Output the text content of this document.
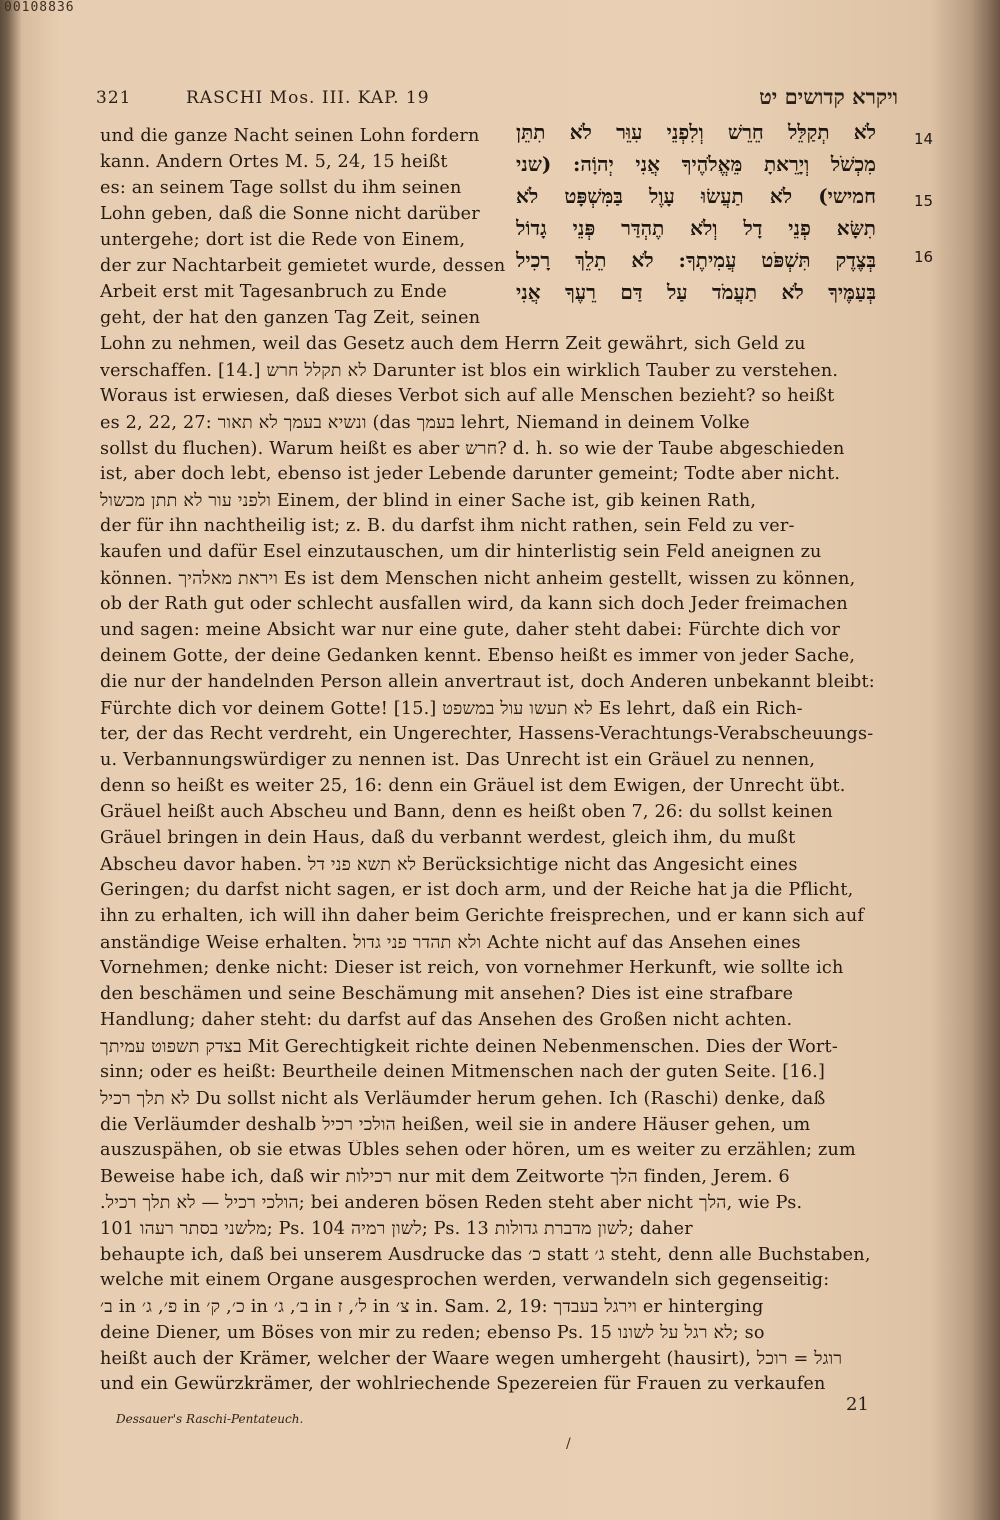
00108836
321	RASCHI Mos. III. KAP. 19	ויקרא קדושים יט
לֹא תְקַלֵּל חֵרֵשׁ וְלִפְנֵי עִוֵּר לֹא תִתֵּן
מִכְשֹׁל וְיָרֵאתָ מֵּאֱלֹהֶיךָ אֲנִי יְהוָֹה: (שני
חמישי) לֹא תַעֲשׂוּ עָוֶל בַּמִּשְׁפָּט לֹא
תִשָּׂא פְנֵי דָל וְלֹא תֶהְדַּר פְּנֵי גָדוֹל
בְּצֶדֶק תִּשְׁפֹּט עֲמִיתֶךָ: לֹא תֵלֵךְ רָכִיל
בְּעַמֶּיךָ לֹא תַעֲמֹד עַל דַּם רֵעֶךָ אֲנִי
14
15
16
und die ganze Nacht seinen Lohn fordern
kann. Andern Ortes M. 5, 24, 15 heißt
es: an seinem Tage sollst du ihm seinen
Lohn geben, daß die Sonne nicht darüber
untergehe; dort ist die Rede von Einem,
der zur Nachtarbeit gemietet wurde, dessen
Arbeit erst mit Tagesanbruch zu Ende
geht, der hat den ganzen Tag Zeit, seinen
Lohn zu nehmen, weil das Gesetz auch dem Herrn Zeit gewährt, sich Geld zu
verschaffen. [14.] לא תקלל חרש Darunter ist blos ein wirklich Tauber zu verstehen.
Woraus ist erwiesen, daß dieses Verbot sich auf alle Menschen bezieht? so heißt
es 2, 22, 27: ונשיא בעמך לא תאור (das בעמך lehrt, Niemand in deinem Volke
sollst du fluchen). Warum heißt es aber חרש? d. h. so wie der Taube abgeschieden
ist, aber doch lebt, ebenso ist jeder Lebende darunter gemeint; Todte aber nicht.
ולפני עור לא תתן מכשול Einem, der blind in einer Sache ist, gib keinen Rath,
der für ihn nachtheilig ist; z. B. du darfst ihm nicht rathen, sein Feld zu ver-
kaufen und dafür Esel einzutauschen, um dir hinterlistig sein Feld aneignen zu
können. ויראת מאלהיך Es ist dem Menschen nicht anheim gestellt, wissen zu können,
ob der Rath gut oder schlecht ausfallen wird, da kann sich doch Jeder freimachen
und sagen: meine Absicht war nur eine gute, daher steht dabei: Fürchte dich vor
deinem Gotte, der deine Gedanken kennt. Ebenso heißt es immer von jeder Sache,
die nur der handelnden Person allein anvertraut ist, doch Anderen unbekannt bleibt:
Fürchte dich vor deinem Gotte! [15.] לא תעשו עול במשפט Es lehrt, daß ein Rich-
ter, der das Recht verdreht, ein Ungerechter, Hassens-Verachtungs-Verabscheuungs-
u. Verbannungswürdiger zu nennen ist. Das Unrecht ist ein Gräuel zu nennen,
denn so heißt es weiter 25, 16: denn ein Gräuel ist dem Ewigen, der Unrecht übt.
Gräuel heißt auch Abscheu und Bann, denn es heißt oben 7, 26: du sollst keinen
Gräuel bringen in dein Haus, daß du verbannt werdest, gleich ihm, du mußt
Abscheu davor haben. לא תשא פני דל Berücksichtige nicht das Angesicht eines
Geringen; du darfst nicht sagen, er ist doch arm, und der Reiche hat ja die Pflicht,
ihn zu erhalten, ich will ihn daher beim Gerichte freisprechen, und er kann sich auf
anständige Weise erhalten. ולא תהדר פני גדול Achte nicht auf das Ansehen eines
Vornehmen; denke nicht: Dieser ist reich, von vornehmer Herkunft, wie sollte ich
den beschämen und seine Beschämung mit ansehen? Dies ist eine strafbare
Handlung; daher steht: du darfst auf das Ansehen des Großen nicht achten.
בצדק תשפוט עמיתך Mit Gerechtigkeit richte deinen Nebenmenschen. Dies der Wort-
sinn; oder es heißt: Beurtheile deinen Mitmenschen nach der guten Seite. [16.]
לא תלך רכיל Du sollst nicht als Verläumder herum gehen. Ich (Raschi) denke, daß
die Verläumder deshalb הולכי רכיל heißen, weil sie in andere Häuser gehen, um
auszuspähen, ob sie etwas Übles sehen oder hören, um es weiter zu erzählen; zum
Beweise habe ich, daß wir רכילות nur mit dem Zeitworte הלך finden, Jerem. 6
.הולכי רכיל — לא תלך רכיל; bei anderen bösen Reden steht aber nicht הלך, wie Ps.
101 מלשני בסתר רעהו; Ps. 104 לשון רמיה; Ps. 13 לשון מדברת גדולות; daher
behaupte ich, daß bei unserem Ausdrucke das כ׳ statt ג׳ steht, denn alle Buchstaben,
welche mit einem Organe ausgesprochen werden, verwandeln sich gegenseitig:
ב׳ in פ׳, ג׳ in כ׳, ק׳ in ב׳, ג׳ in ל׳, ז in צ׳ in. Sam. 2, 19: וירגל בעבדך er hinterging
deine Diener, um Böses von mir zu reden; ebenso Ps. 15 לא רגל על לשונו; so
heißt auch der Krämer, welcher der Waare wegen umhergeht (hausirt), רוגל = רוכל
und ein Gewürzkrämer, der wohlriechende Spezereien für Frauen zu verkaufen
21
Dessauer's Raschi-Pentateuch.
/
